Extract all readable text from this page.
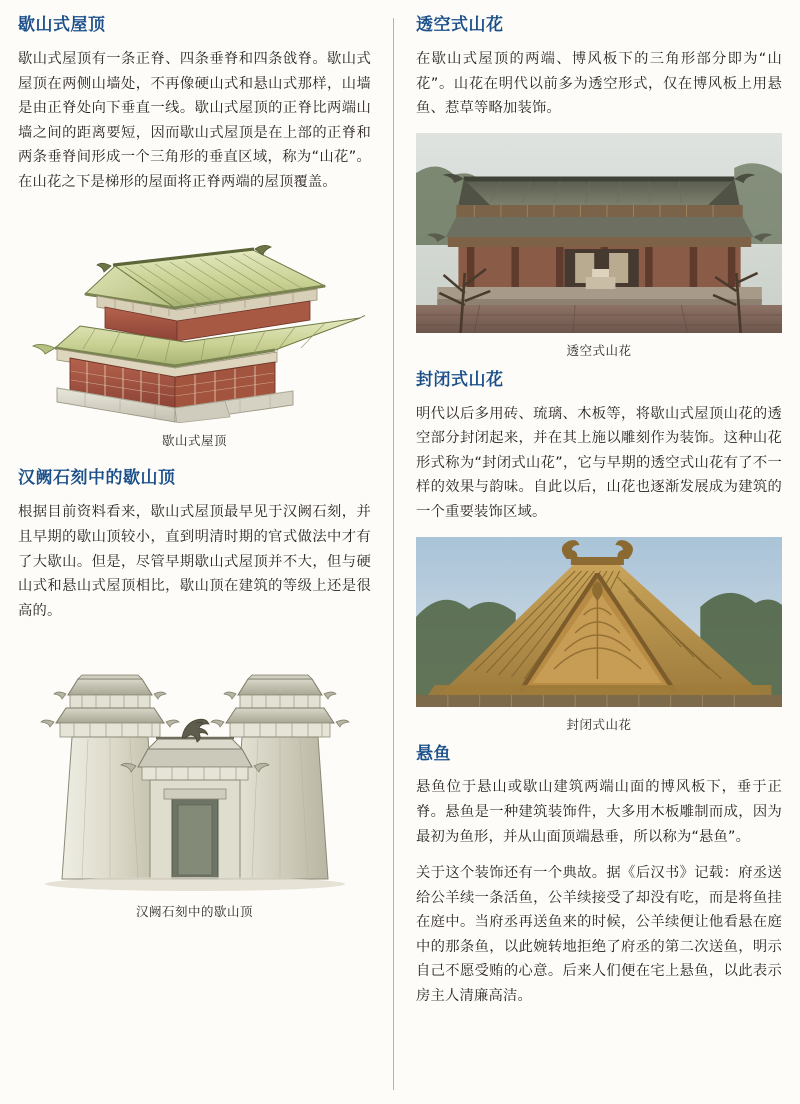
歇山式屋顶

歇山式屋顶有一条正脊、四条垂脊和四条戗脊。歇山式屋顶在两侧山墙处，不再像硬山式和悬山式那样，山墙是由正脊处向下垂直一线。歇山式屋顶的正脊比两端山墙之间的距离要短，因而歇山式屋顶是在上部的正脊和两条垂脊间形成一个三角形的垂直区域，称为“山花”。在山花之下是梯形的屋面将正脊两端的屋顶覆盖。

歇山式屋顶
汉阙石刻中的歇山顶

根据目前资料看来，歇山式屋顶最早见于汉阙石刻，并且早期的歇山顶较小，直到明清时期的官式做法中才有了大歇山。但是，尽管早期歇山式屋顶并不大，但与硬山式和悬山式屋顶相比，歇山顶在建筑的等级上还是很高的。

汉阙石刻中的歇山顶
透空式山花

在歇山式屋顶的两端、博风板下的三角形部分即为“山花”。山花在明代以前多为透空形式，仅在博风板上用悬鱼、惹草等略加装饰。

透空式山花
封闭式山花

明代以后多用砖、琉璃、木板等，将歇山式屋顶山花的透空部分封闭起来，并在其上施以雕刻作为装饰。这种山花形式称为“封闭式山花”，它与早期的透空式山花有了不一样的效果与韵味。自此以后，山花也逐渐发展成为建筑的一个重要装饰区域。

封闭式山花
悬鱼

悬鱼位于悬山或歇山建筑两端山面的博风板下，垂于正脊。悬鱼是一种建筑装饰件，大多用木板雕制而成，因为最初为鱼形，并从山面顶端悬垂，所以称为“悬鱼”。

关于这个装饰还有一个典故。据《后汉书》记载：府丞送给公羊续一条活鱼，公羊续接受了却没有吃，而是将鱼挂在庭中。当府丞再送鱼来的时候，公羊续便让他看悬在庭中的那条鱼，以此婉转地拒绝了府丞的第二次送鱼，明示自己不愿受贿的心意。后来人们便在宅上悬鱼，以此表示房主人清廉高洁。
